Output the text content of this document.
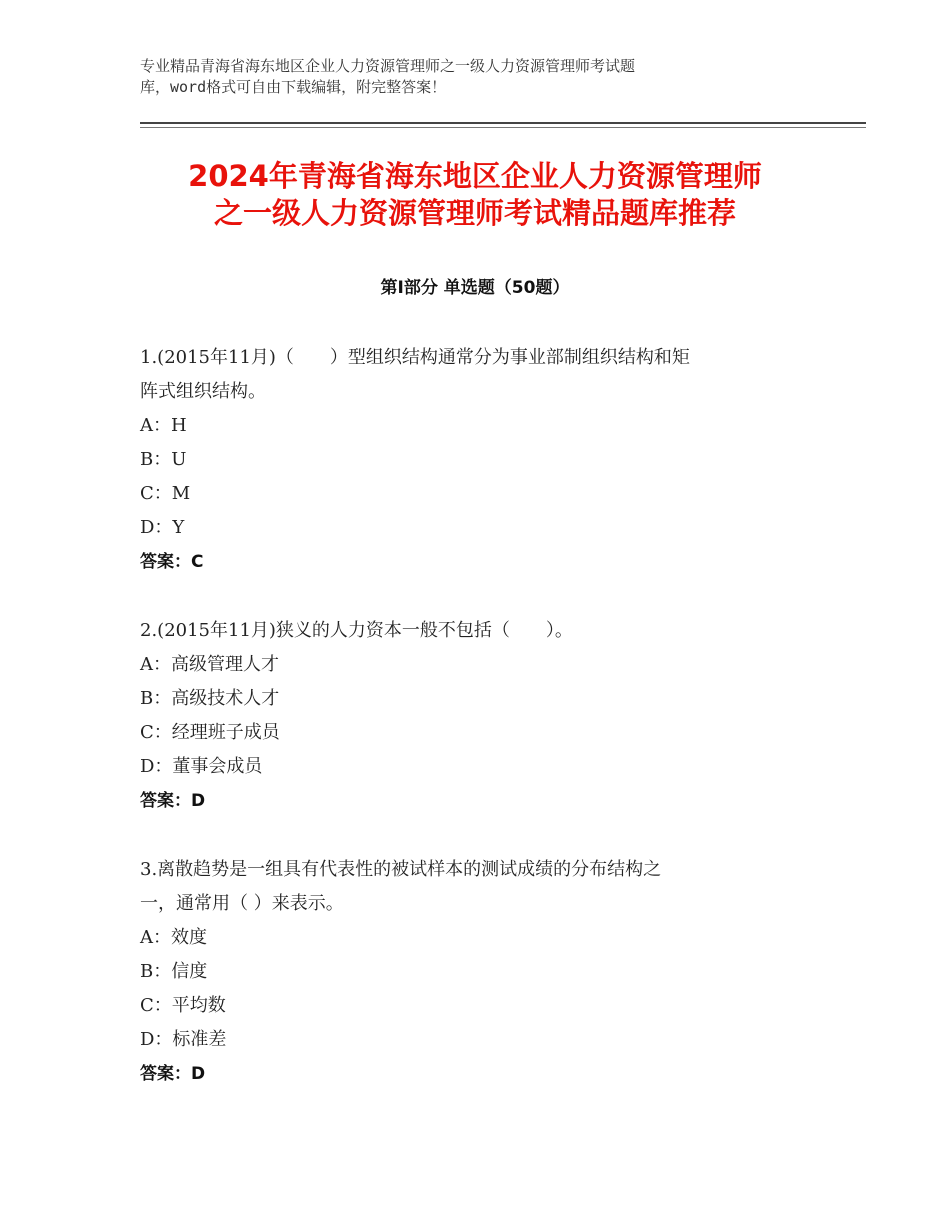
专业精品青海省海东地区企业人力资源管理师之一级人力资源管理师考试题
库，word格式可自由下载编辑，附完整答案！
2024年青海省海东地区企业人力资源管理师
之一级人力资源管理师考试精品题库推荐
第Ⅰ部分 单选题（50题）
1.(2015年11月)（　　）型组织结构通常分为事业部制组织结构和矩
阵式组织结构。
A：H
B：U
C：M
D：Y
答案：C
2.(2015年11月)狭义的人力资本一般不包括（　　）。
A：高级管理人才
B：高级技术人才
C：经理班子成员
D：董事会成员
答案：D
3.离散趋势是一组具有代表性的被试样本的测试成绩的分布结构之
一，通常用（ ）来表示。
A：效度
B：信度
C：平均数
D：标准差
答案：D
